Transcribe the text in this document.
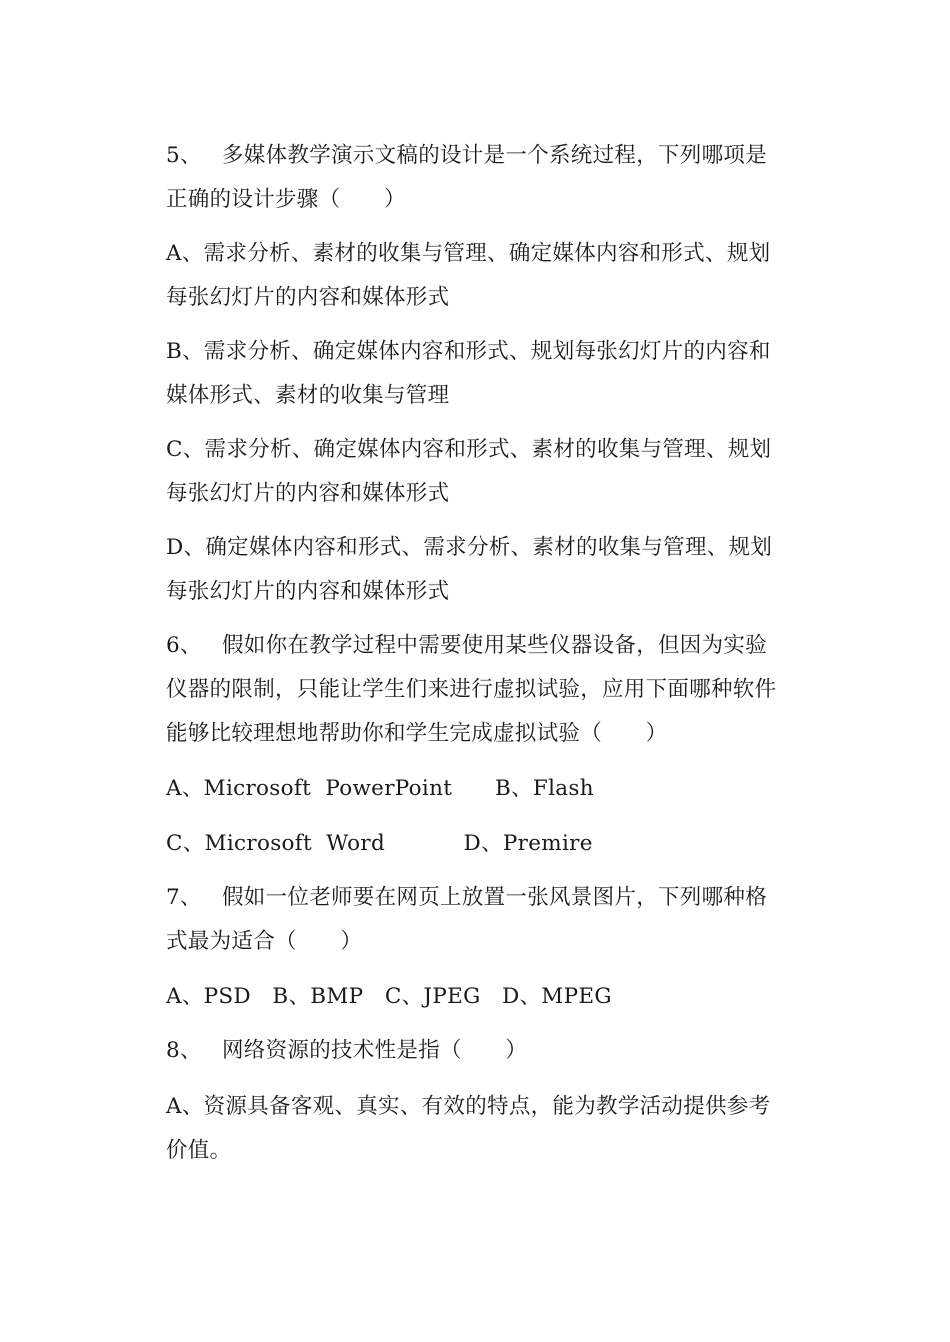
5、 多媒体教学演示文稿的设计是一个系统过程，下列哪项是
正确的设计步骤（　　）
A、需求分析、素材的收集与管理、确定媒体内容和形式、规划
每张幻灯片的内容和媒体形式
B、需求分析、确定媒体内容和形式、规划每张幻灯片的内容和
媒体形式、素材的收集与管理
C、需求分析、确定媒体内容和形式、素材的收集与管理、规划
每张幻灯片的内容和媒体形式
D、确定媒体内容和形式、需求分析、素材的收集与管理、规划
每张幻灯片的内容和媒体形式
6、 假如你在教学过程中需要使用某些仪器设备，但因为实验
仪器的限制，只能让学生们来进行虚拟试验，应用下面哪种软件
能够比较理想地帮助你和学生完成虚拟试验（　　）
A、Microsoft  PowerPoint      B、Flash
C、Microsoft  Word           D、Premire
7、 假如一位老师要在网页上放置一张风景图片，下列哪种格
式最为适合（　　）
A、PSD   B、BMP   C、JPEG   D、MPEG
8、 网络资源的技术性是指（　　）
A、资源具备客观、真实、有效的特点，能为教学活动提供参考
价值。
